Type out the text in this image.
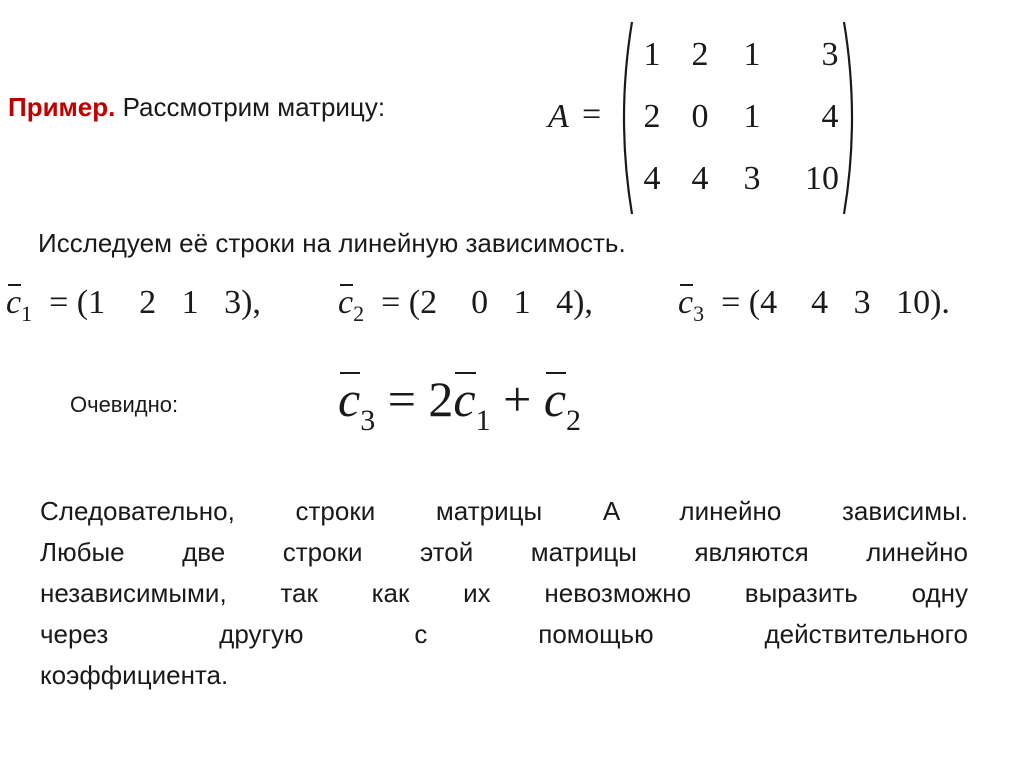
Пример. Рассмотрим матрицу:	A =
1 2	1	3
2 0	1	4
4 4	3	10
Исследуем её строки на линейную зависимость.
$c_1 = (1$ 2 1 3), $c_2 = (2$ 0 1 4),	$c_3 = (4$ 4 3 10).
Очевидно:	$c_3 = 2c_1 + c_2$
Следовательно, строки матрицы A линейно зависимы.
Любые две строки этой матрицы являются линейно
независимыми, так как их невозможно выразить одну
через другую с помощью действительного
коэффициента.
